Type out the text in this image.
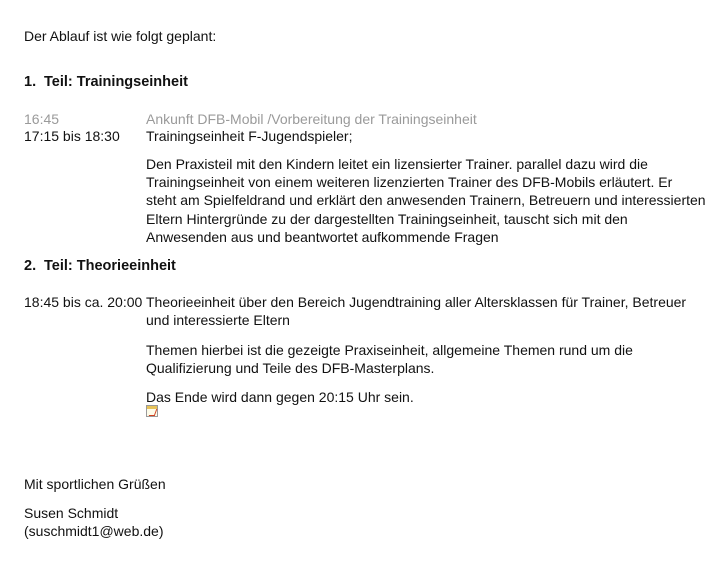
Der Ablauf ist wie folgt geplant:
1. Teil: Trainingseinheit
16:45	Ankunft DFB-Mobil /Vorbereitung der Trainingseinheit
17:15 bis 18:30 Trainingseinheit F-Jugendspieler;
Den Praxisteil mit den Kindern leitet ein lizensierter Trainer. parallel dazu wird die Trainingseinheit von einem weiteren lizenzierten Trainer des DFB-Mobils erläutert. Er steht am Spielfeldrand und erklärt den anwesenden Trainern, Betreuern und interessierten Eltern Hintergründe zu der dargestellten Trainingseinheit, tauscht sich mit den Anwesenden aus und beantwortet aufkommende Fragen
2. Teil: Theorieeinheit
18:45 bis ca. 20:00 Theorieeinheit über den Bereich Jugendtraining aller Altersklassen für Trainer, Betreuer und interessierte Eltern
Themen hierbei ist die gezeigte Praxiseinheit, allgemeine Themen rund um die Qualifizierung und Teile des DFB-Masterplans.
Das Ende wird dann gegen 20:15 Uhr sein.
Mit sportlichen Grüßen
Susen Schmidt
(suschmidt1@web.de)
